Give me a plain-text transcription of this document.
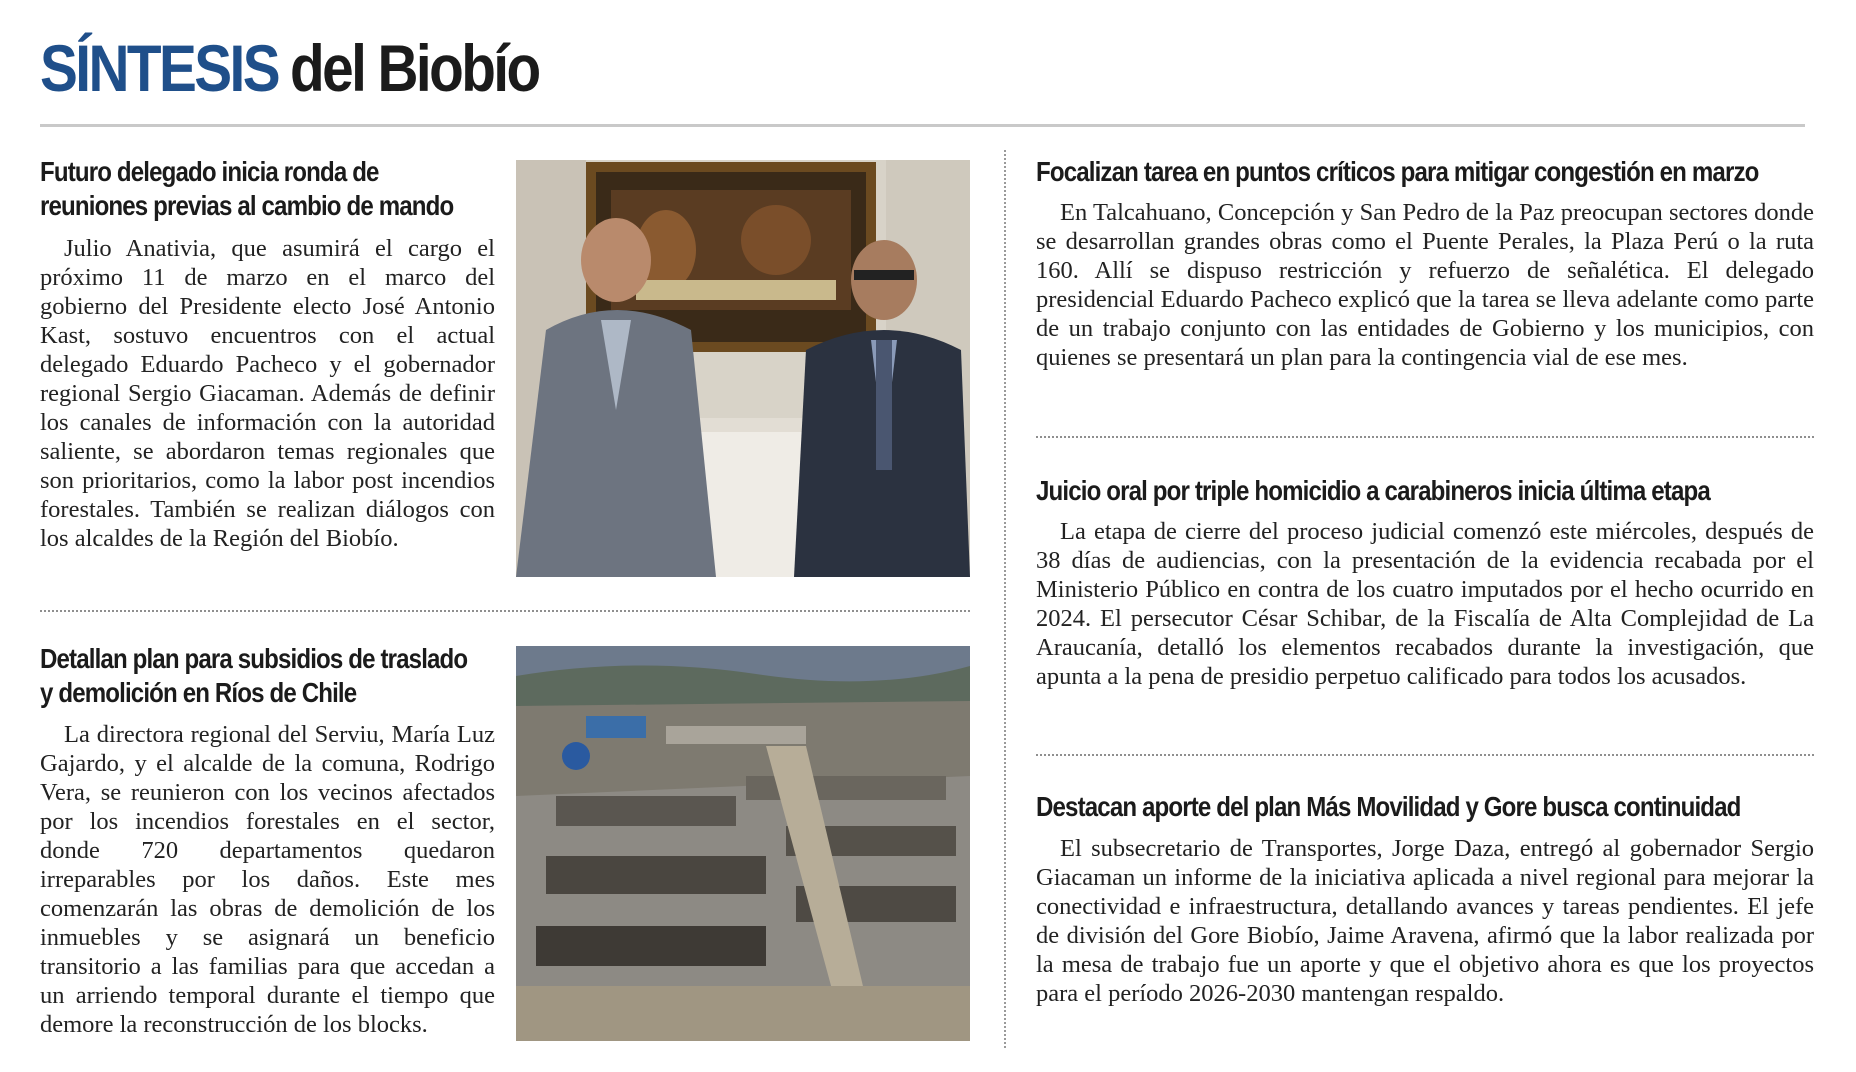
SÍNTESIS del Biobío
Futuro delegado inicia ronda de
reuniones previas al cambio de mando
Julio Anativia, que asumirá el cargo el próximo 11 de marzo en el marco del gobierno del Presidente electo José Antonio Kast, sostuvo encuentros con el actual delegado Eduardo Pacheco y el gobernador regional Sergio Giacaman. Además de definir los canales de información con la autoridad saliente, se abordaron temas regionales que son prioritarios, como la labor post incendios forestales. También se realizan diálogos con los alcaldes de la Región del Biobío.
Detallan plan para subsidios de traslado
y demolición en Ríos de Chile
La directora regional del Serviu, María Luz Gajardo, y el alcalde de la comuna, Rodrigo Vera, se reunieron con los vecinos afectados por los incendios forestales en el sector, donde 720 departamentos quedaron irreparables por los daños. Este mes comenzarán las obras de demolición de los inmuebles y se asignará un beneficio transitorio a las familias para que accedan a un arriendo temporal durante el tiempo que demore la reconstrucción de los blocks.
Focalizan tarea en puntos críticos para mitigar congestión en marzo
En Talcahuano, Concepción y San Pedro de la Paz preocupan sectores donde se desarrollan grandes obras como el Puente Perales, la Plaza Perú o la ruta 160. Allí se dispuso restricción y refuerzo de señalética. El delegado presidencial Eduardo Pacheco explicó que la tarea se lleva adelante como parte de un trabajo conjunto con las entidades de Gobierno y los municipios, con quienes se presentará un plan para la contingencia vial de ese mes.
Juicio oral por triple homicidio a carabineros inicia última etapa
La etapa de cierre del proceso judicial comenzó este miércoles, después de 38 días de audiencias, con la presentación de la evidencia recabada por el Ministerio Público en contra de los cuatro imputados por el hecho ocurrido en 2024. El persecutor César Schibar, de la Fiscalía de Alta Complejidad de La Araucanía, detalló los elementos recabados durante la investigación, que apunta a la pena de presidio perpetuo calificado para todos los acusados.
Destacan aporte del plan Más Movilidad y Gore busca continuidad
El subsecretario de Transportes, Jorge Daza, entregó al gobernador Sergio Giacaman un informe de la iniciativa aplicada a nivel regional para mejorar la conectividad e infraestructura, detallando avances y tareas pendientes. El jefe de división del Gore Biobío, Jaime Aravena, afirmó que la labor realizada por la mesa de trabajo fue un aporte y que el objetivo ahora es que los proyectos para el período 2026-2030 mantengan respaldo.
